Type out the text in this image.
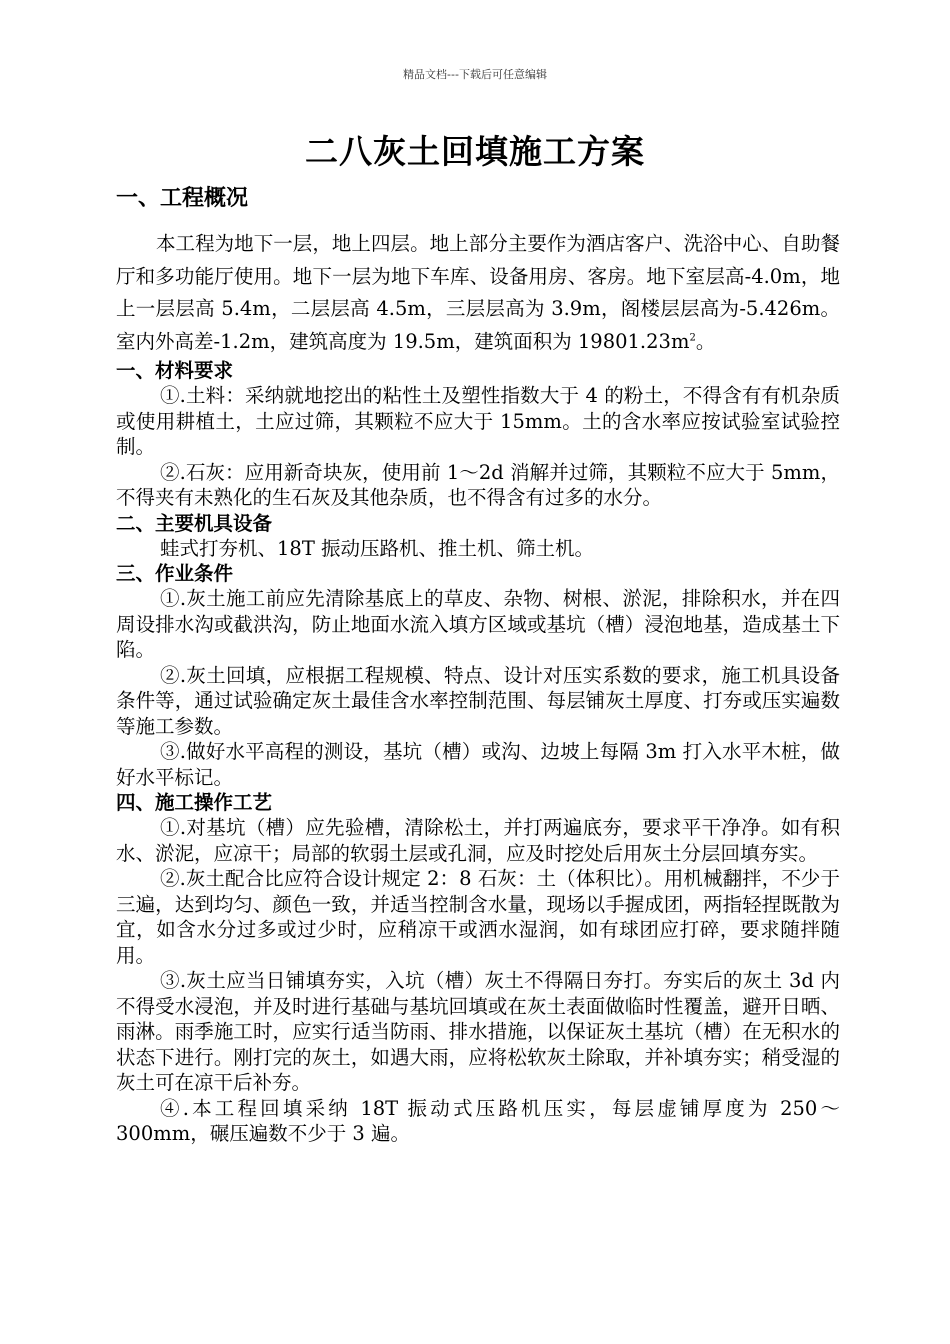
精品文档---下载后可任意编辑
二八灰土回填施工方案
一、工程概况

本工程为地下一层，地上四层。地上部分主要作为酒店客户、洗浴中心、自助餐厅和多功能厅使用。地下一层为地下车库、设备用房、客房。地下室层高-4.0m，地上一层层高 5.4m，二层层高 4.5m，三层层高为 3.9m，阁楼层层高为-5.426m。室内外高差-1.2m，建筑高度为 19.5m，建筑面积为 $19801.23m^2$。

一、材料要求

①.土料：采纳就地挖出的粘性土及塑性指数大于 4 的粉土，不得含有有机杂质或使用耕植土，土应过筛，其颗粒不应大于 15mm。土的含水率应按试验室试验控制。

②.石灰：应用新奇块灰，使用前 1～2d 消解并过筛，其颗粒不应大于 5mm，不得夹有未熟化的生石灰及其他杂质，也不得含有过多的水分。

二、主要机具设备

蛙式打夯机、18T 振动压路机、推土机、筛土机。

三、作业条件

①.灰土施工前应先清除基底上的草皮、杂物、树根、淤泥，排除积水，并在四周设排水沟或截洪沟，防止地面水流入填方区域或基坑（槽）浸泡地基，造成基土下陷。

②.灰土回填，应根据工程规模、特点、设计对压实系数的要求，施工机具设备条件等，通过试验确定灰土最佳含水率控制范围、每层铺灰土厚度、打夯或压实遍数等施工参数。

③.做好水平高程的测设，基坑（槽）或沟、边坡上每隔 3m 打入水平木桩，做好水平标记。

四、施工操作工艺

①.对基坑（槽）应先验槽，清除松土，并打两遍底夯，要求平干净净。如有积水、淤泥，应凉干；局部的软弱土层或孔洞，应及时挖处后用灰土分层回填夯实。

②.灰土配合比应符合设计规定 2：8 石灰：土（体积比）。用机械翻拌，不少于三遍，达到均匀、颜色一致，并适当控制含水量，现场以手握成团，两指轻捏既散为宜，如含水分过多或过少时，应稍凉干或洒水湿润，如有球团应打碎，要求随拌随用。

③.灰土应当日铺填夯实，入坑（槽）灰土不得隔日夯打。夯实后的灰土 3d 内不得受水浸泡，并及时进行基础与基坑回填或在灰土表面做临时性覆盖，避开日晒、雨淋。雨季施工时，应实行适当防雨、排水措施，以保证灰土基坑（槽）在无积水的状态下进行。刚打完的灰土，如遇大雨，应将松软灰土除取，并补填夯实；稍受湿的灰土可在凉干后补夯。

④.本工程回填采纳 18T 振动式压路机压实，每层虚铺厚度为 250～300mm，碾压遍数不少于 3 遍。
